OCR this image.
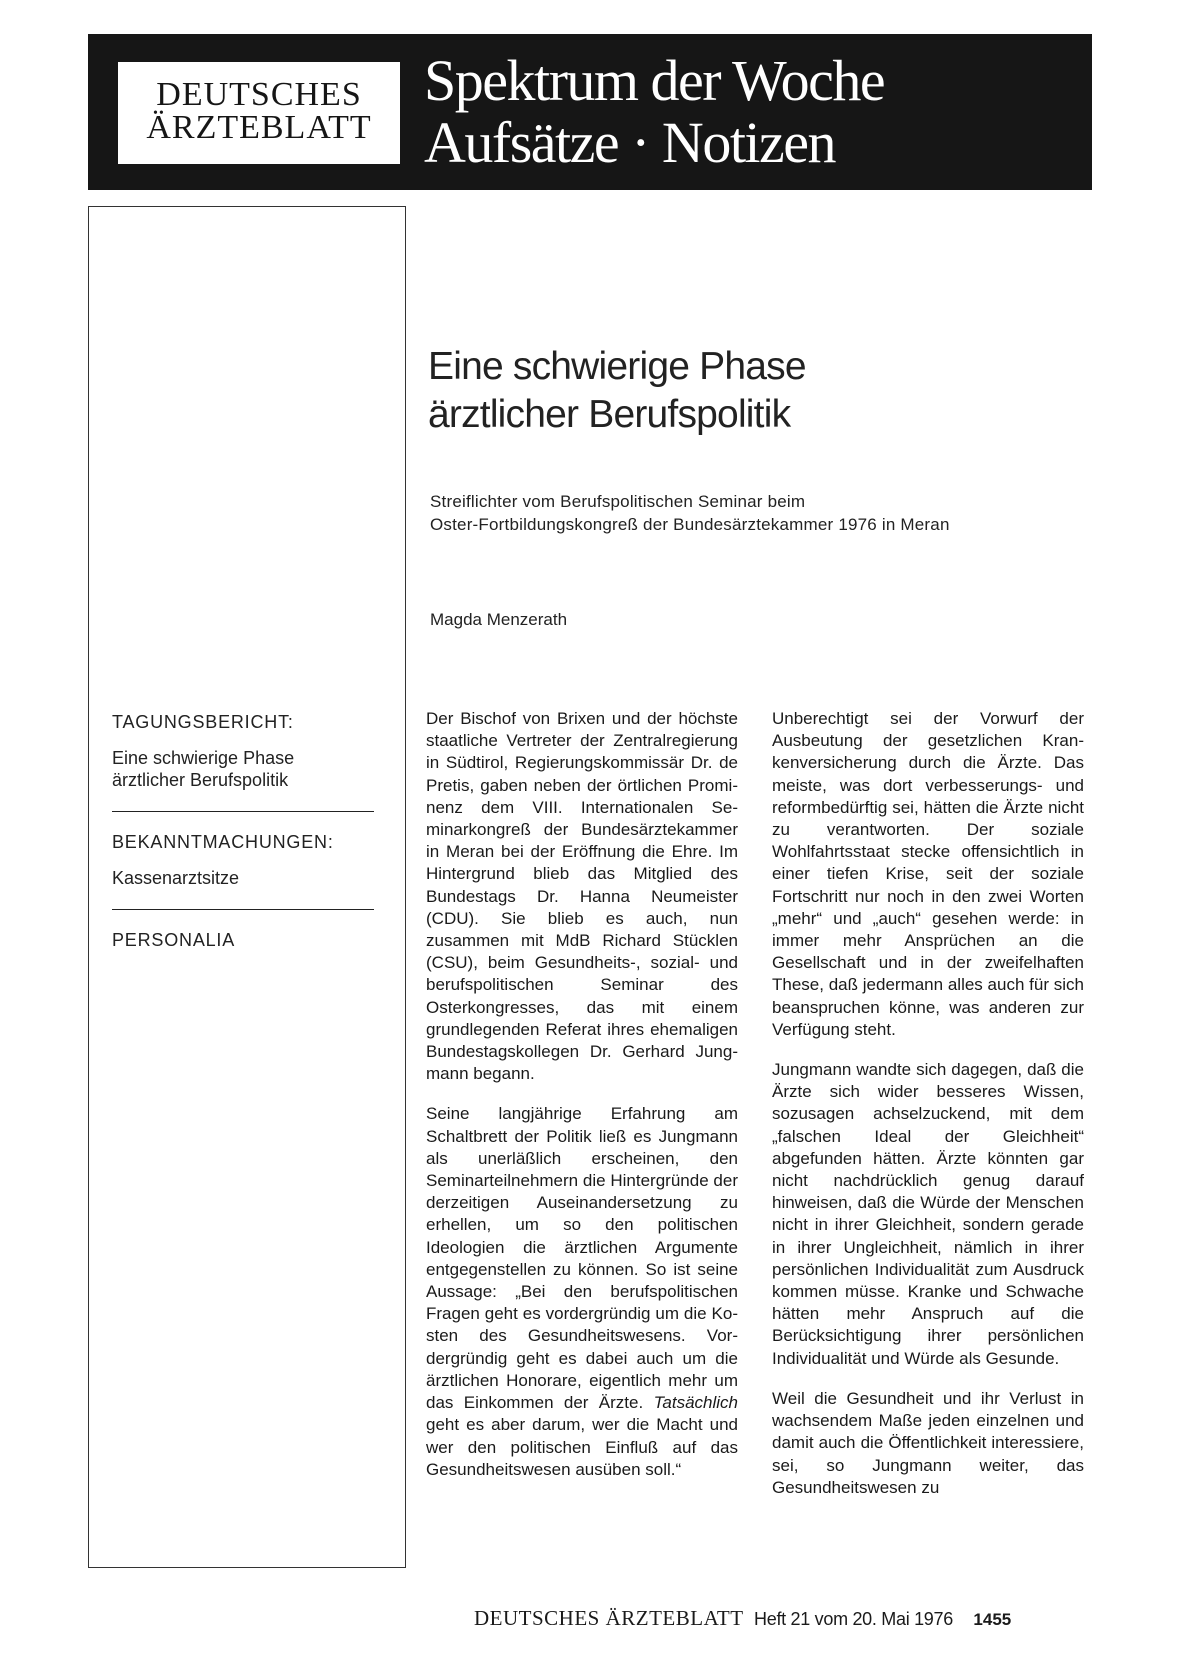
DEUTSCHES
ÄRZTEBLATT
Spektrum der Woche
Aufsätze · Notizen
Eine schwierige Phase
ärztlicher Berufspolitik
Streiflichter vom Berufspolitischen Seminar beim
Oster-Fortbildungskongreß der Bundesärztekammer 1976 in Meran
Magda Menzerath
TAGUNGSBERICHT:
Eine schwierige Phase
ärztlicher Berufspolitik
BEKANNTMACHUNGEN:
Kassenarztsitze
PERSONALIA

Der Bischof von Brixen und der höchste staatliche Vertreter der Zentralregierung in Südtirol, Regierungskommissär Dr. de Pretis, gaben neben der örtlichen Prominenz dem VIII. Internationalen Seminarkongreß der Bundesärztekammer in Meran bei der Eröffnung die Ehre. Im Hintergrund blieb das Mitglied des Bundestags Dr. Hanna Neumeister (CDU). Sie blieb es auch, nun zusammen mit MdB Richard Stücklen (CSU), beim Gesundheits-, sozial- und berufspolitischen Seminar des Osterkongresses, das mit einem grundlegenden Referat ihres ehemaligen Bundestagskollegen Dr. Gerhard Jungmann begann.

Seine langjährige Erfahrung am Schaltbrett der Politik ließ es Jungmann als unerläßlich erscheinen, den Seminarteilnehmern die Hintergründe der derzeitigen Auseinandersetzung zu erhellen, um so den politischen Ideologien die ärztlichen Argumente entgegenstellen zu können. So ist seine Aussage: „Bei den berufspolitischen Fragen geht es vordergründig um die Kosten des Gesundheitswesens. Vordergründig geht es dabei auch um die ärztlichen Honorare, eigentlich mehr um das Einkommen der Ärzte. Tatsächlich geht es aber darum, wer die Macht und wer den politischen Einfluß auf das Gesundheitswesen ausüben soll.“

Unberechtigt sei der Vorwurf der Ausbeutung der gesetzlichen Krankenversicherung durch die Ärzte. Das meiste, was dort verbesserungs- und reformbedürftig sei, hätten die Ärzte nicht zu verantworten. Der soziale Wohlfahrtsstaat stecke offensichtlich in einer tiefen Krise, seit der soziale Fortschritt nur noch in den zwei Worten „mehr“ und „auch“ gesehen werde: in immer mehr Ansprüchen an die Gesellschaft und in der zweifelhaften These, daß jedermann alles auch für sich beanspruchen könne, was anderen zur Verfügung steht.

Jungmann wandte sich dagegen, daß die Ärzte sich wider besseres Wissen, sozusagen achselzuckend, mit dem „falschen Ideal der Gleichheit“ abgefunden hätten. Ärzte könnten gar nicht nachdrücklich genug darauf hinweisen, daß die Würde der Menschen nicht in ihrer Gleichheit, sondern gerade in ihrer Ungleichheit, nämlich in ihrer persönlichen Individualität zum Ausdruck kommen müsse. Kranke und Schwache hätten mehr Anspruch auf die Berücksichtigung ihrer persönlichen Individualität und Würde als Gesunde.

Weil die Gesundheit und ihr Verlust in wachsendem Maße jeden einzelnen und damit auch die Öffentlichkeit interessiere, sei, so Jungmann weiter, das Gesundheitswesen zu

DEUTSCHES ÄRZTEBLATT Heft 21 vom 20. Mai 1976 1455
